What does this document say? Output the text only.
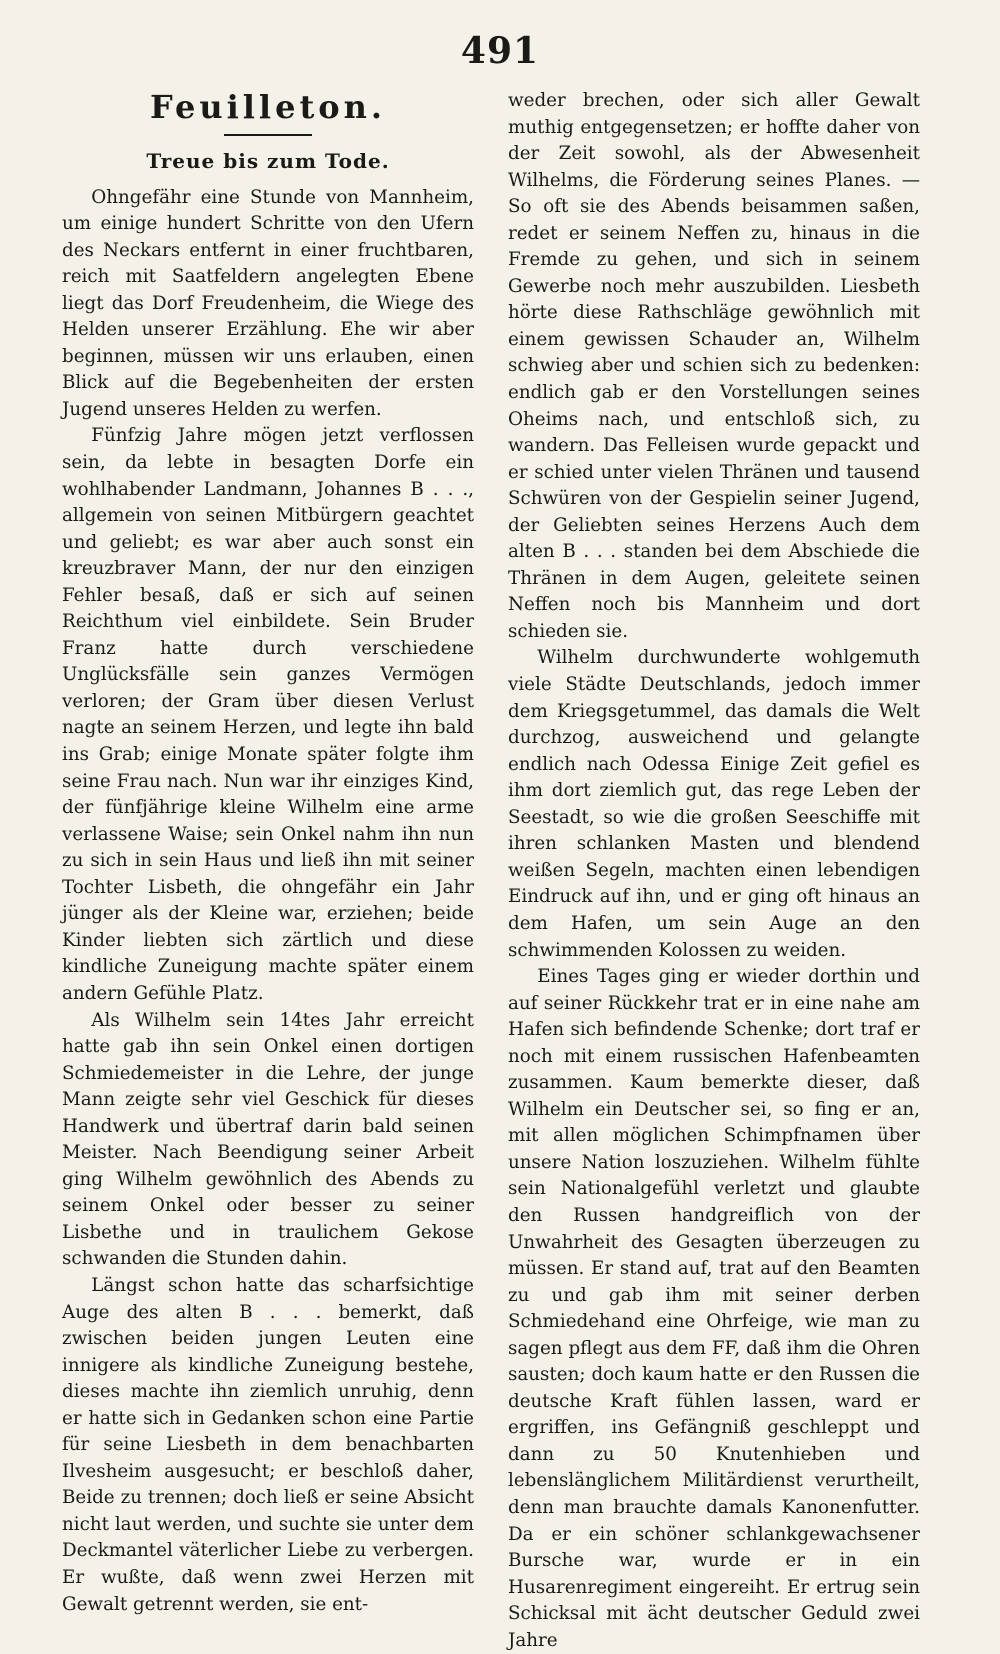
491
Feuilleton.
Treue bis zum Tode.

Ohngefähr eine Stunde von Mannheim, um einige hundert Schritte von den Ufern des Neckars entfernt in einer fruchtbaren, reich mit Saatfeldern angelegten Ebene liegt das Dorf Freudenheim, die Wiege des Helden unserer Erzählung. Ehe wir aber beginnen, müssen wir uns erlauben, einen Blick auf die Begebenheiten der ersten Jugend unseres Helden zu werfen.

Fünfzig Jahre mögen jetzt verflossen sein, da lebte in besagten Dorfe ein wohlhabender Landmann, Johannes B . . ., allgemein von seinen Mitbürgern geachtet und geliebt; es war aber auch sonst ein kreuzbraver Mann, der nur den einzigen Fehler besaß, daß er sich auf seinen Reichthum viel einbildete. Sein Bruder Franz hatte durch verschiedene Unglücksfälle sein ganzes Vermögen verloren; der Gram über diesen Verlust nagte an seinem Herzen, und legte ihn bald ins Grab; einige Monate später folgte ihm seine Frau nach. Nun war ihr einziges Kind, der fünfjährige kleine Wilhelm eine arme verlassene Waise; sein Onkel nahm ihn nun zu sich in sein Haus und ließ ihn mit seiner Tochter Lisbeth, die ohngefähr ein Jahr jünger als der Kleine war, erziehen; beide Kinder liebten sich zärtlich und diese kindliche Zuneigung machte später einem andern Gefühle Platz.

Als Wilhelm sein 14tes Jahr erreicht hatte gab ihn sein Onkel einen dortigen Schmiedemeister in die Lehre, der junge Mann zeigte sehr viel Geschick für dieses Handwerk und übertraf darin bald seinen Meister. Nach Beendigung seiner Arbeit ging Wilhelm gewöhnlich des Abends zu seinem Onkel oder besser zu seiner Lisbethe und in traulichem Gekose schwanden die Stunden dahin.

Längst schon hatte das scharfsichtige Auge des alten B . . . bemerkt, daß zwischen beiden jungen Leuten eine innigere als kindliche Zuneigung bestehe, dieses machte ihn ziemlich unruhig, denn er hatte sich in Gedanken schon eine Partie für seine Liesbeth in dem benachbarten Ilvesheim ausgesucht; er beschloß daher, Beide zu trennen; doch ließ er seine Absicht nicht laut werden, und suchte sie unter dem Deckmantel väterlicher Liebe zu verbergen. Er wußte, daß wenn zwei Herzen mit Gewalt getrennt werden, sie ent-

weder brechen, oder sich aller Gewalt muthig entgegensetzen; er hoffte daher von der Zeit sowohl, als der Abwesenheit Wilhelms, die Förderung seines Planes. — So oft sie des Abends beisammen saßen, redet er seinem Neffen zu, hinaus in die Fremde zu gehen, und sich in seinem Gewerbe noch mehr auszubilden. Liesbeth hörte diese Rathschläge gewöhnlich mit einem gewissen Schauder an, Wilhelm schwieg aber und schien sich zu bedenken: endlich gab er den Vorstellungen seines Oheims nach, und entschloß sich, zu wandern. Das Felleisen wurde gepackt und er schied unter vielen Thränen und tausend Schwüren von der Gespielin seiner Jugend, der Geliebten seines Herzens Auch dem alten B . . . standen bei dem Abschiede die Thränen in dem Augen, geleitete seinen Neffen noch bis Mannheim und dort schieden sie.

Wilhelm durchwunderte wohlgemuth viele Städte Deutschlands, jedoch immer dem Kriegsgetummel, das damals die Welt durchzog, ausweichend und gelangte endlich nach Odessa Einige Zeit gefiel es ihm dort ziemlich gut, das rege Leben der Seestadt, so wie die großen Seeschiffe mit ihren schlanken Masten und blendend weißen Segeln, machten einen lebendigen Eindruck auf ihn, und er ging oft hinaus an dem Hafen, um sein Auge an den schwimmenden Kolossen zu weiden.

Eines Tages ging er wieder dorthin und auf seiner Rückkehr trat er in eine nahe am Hafen sich befindende Schenke; dort traf er noch mit einem russischen Hafenbeamten zusammen. Kaum bemerkte dieser, daß Wilhelm ein Deutscher sei, so fing er an, mit allen möglichen Schimpfnamen über unsere Nation loszuziehen. Wilhelm fühlte sein Nationalgefühl verletzt und glaubte den Russen handgreiflich von der Unwahrheit des Gesagten überzeugen zu müssen. Er stand auf, trat auf den Beamten zu und gab ihm mit seiner derben Schmiedehand eine Ohrfeige, wie man zu sagen pflegt aus dem FF, daß ihm die Ohren sausten; doch kaum hatte er den Russen die deutsche Kraft fühlen lassen, ward er ergriffen, ins Gefängniß geschleppt und dann zu 50 Knutenhieben und lebenslänglichem Militärdienst verurtheilt, denn man brauchte damals Kanonenfutter. Da er ein schöner schlankgewachsener Bursche war, wurde er in ein Husarenregiment eingereiht. Er ertrug sein Schicksal mit ächt deutscher Geduld zwei Jahre
